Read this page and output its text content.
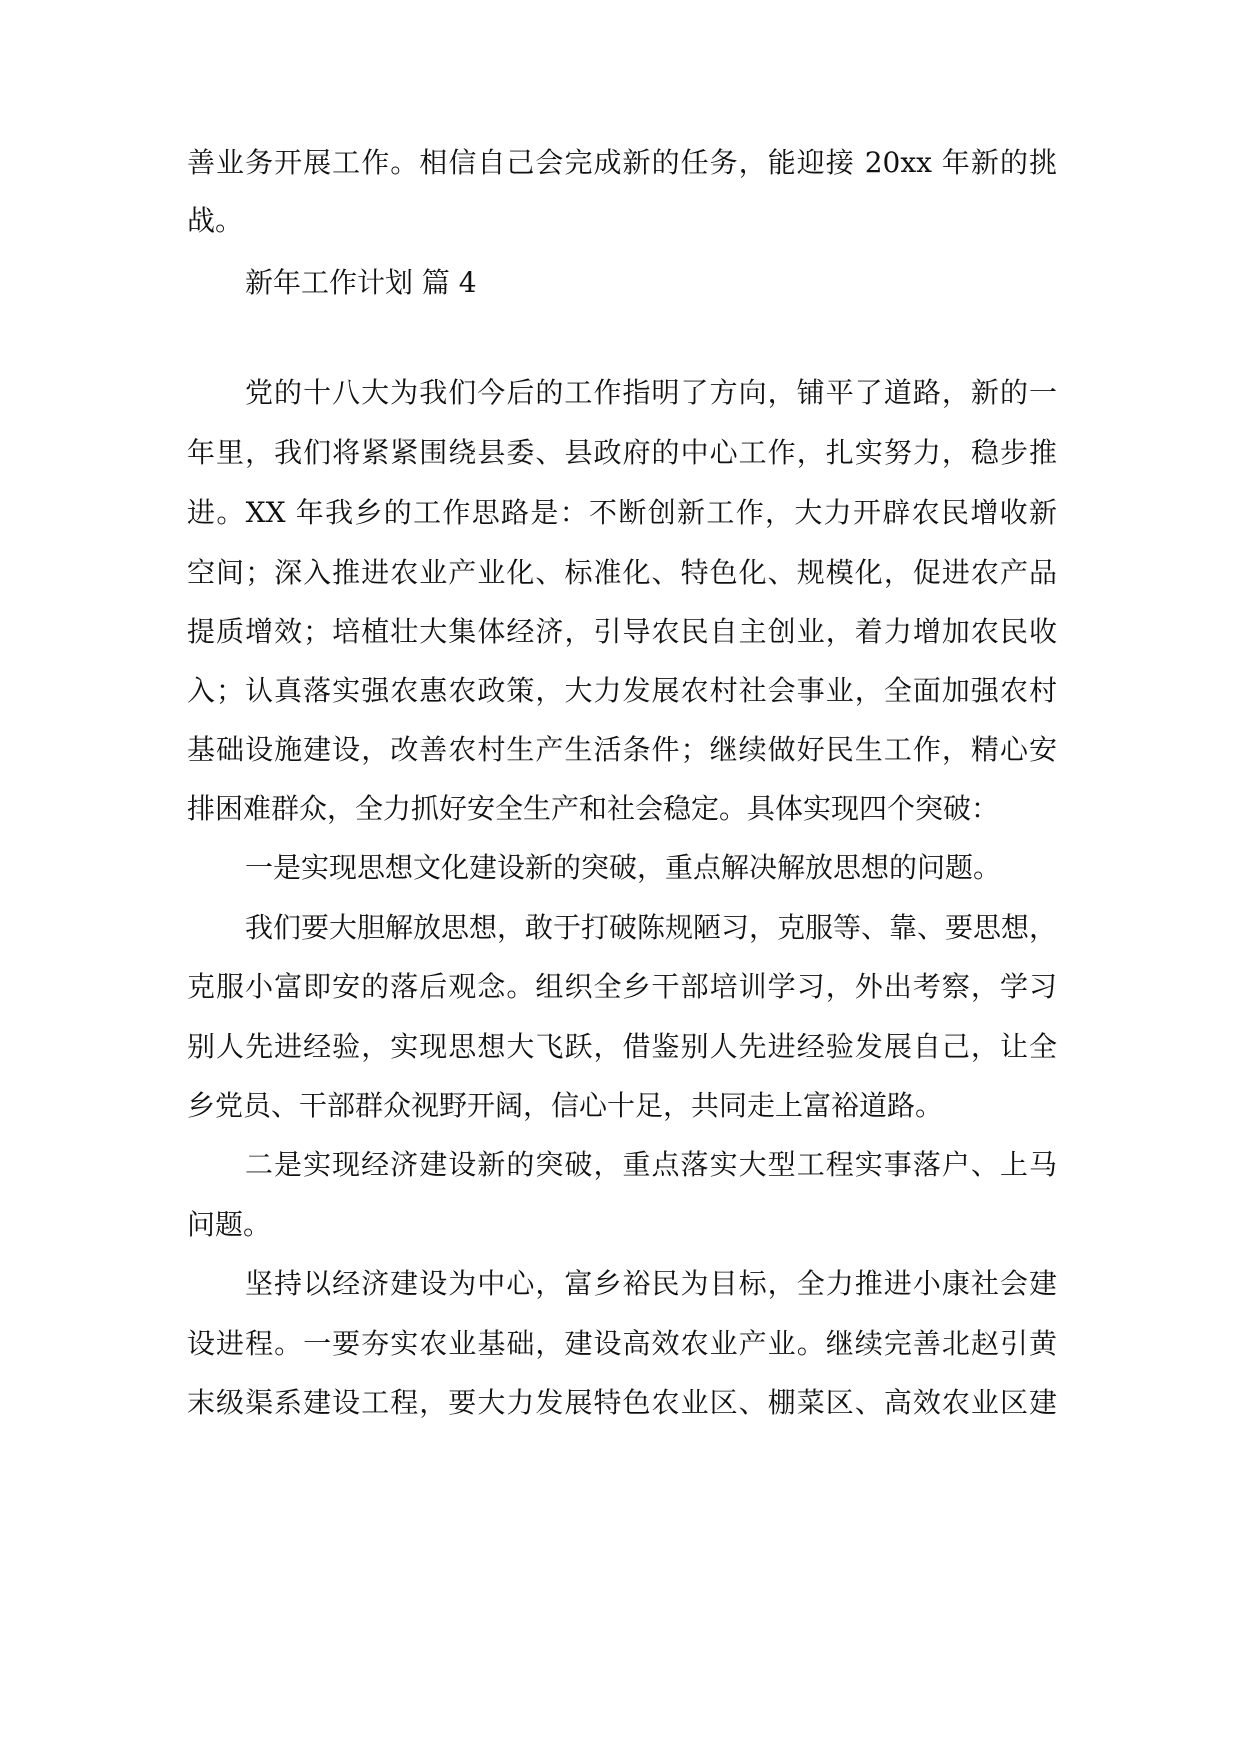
善业务开展工作。相信自己会完成新的任务，能迎接 20xx 年新的挑
战。
新年工作计划 篇 4
党的十八大为我们今后的工作指明了方向，铺平了道路，新的一
年里，我们将紧紧围绕县委、县政府的中心工作，扎实努力，稳步推
进。XX 年我乡的工作思路是：不断创新工作，大力开辟农民增收新
空间；深入推进农业产业化、标准化、特色化、规模化，促进农产品
提质增效；培植壮大集体经济，引导农民自主创业，着力增加农民收
入；认真落实强农惠农政策，大力发展农村社会事业，全面加强农村
基础设施建设，改善农村生产生活条件；继续做好民生工作，精心安
排困难群众，全力抓好安全生产和社会稳定。具体实现四个突破：
一是实现思想文化建设新的突破，重点解决解放思想的问题。
我们要大胆解放思想，敢于打破陈规陋习，克服等、靠、要思想，
克服小富即安的落后观念。组织全乡干部培训学习，外出考察，学习
别人先进经验，实现思想大飞跃，借鉴别人先进经验发展自己，让全
乡党员、干部群众视野开阔，信心十足，共同走上富裕道路。
二是实现经济建设新的突破，重点落实大型工程实事落户、上马
问题。
坚持以经济建设为中心，富乡裕民为目标，全力推进小康社会建
设进程。一要夯实农业基础，建设高效农业产业。继续完善北赵引黄
末级渠系建设工程，要大力发展特色农业区、棚菜区、高效农业区建
